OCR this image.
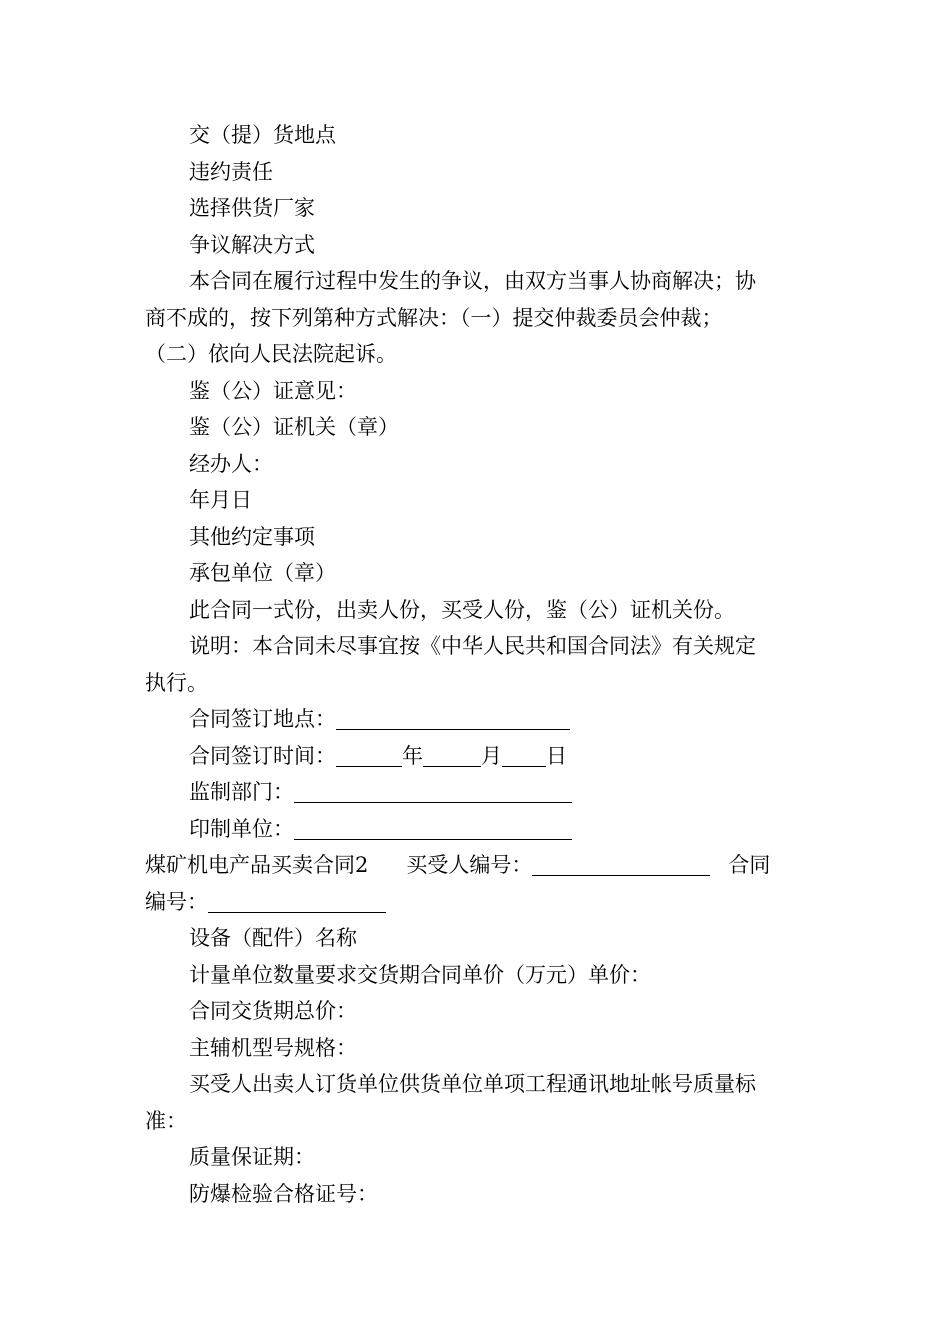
交（提）货地点

违约责任

选择供货厂家

争议解决方式

本合同在履行过程中发生的争议，由双方当事人协商解决；协

商不成的，按下列第种方式解决：（一）提交仲裁委员会仲裁；

（二）依向人民法院起诉。

鉴（公）证意见：

鉴（公）证机关（章）

经办人：

年月日

其他约定事项

承包单位（章）

此合同一式份，出卖人份，买受人份，鉴（公）证机关份。

说明：本合同未尽事宜按《中华人民共和国合同法》有关规定

执行。

合同签订地点：

合同签订时间：	年	月 日

监制部门：

印制单位：

煤矿机电产品买卖合同2 买受人编号：	合同

编号：

设备（配件）名称

计量单位数量要求交货期合同单价（万元）单价：

合同交货期总价：

主辅机型号规格：

买受人出卖人订货单位供货单位单项工程通讯地址帐号质量标

准：

质量保证期：

防爆检验合格证号：
